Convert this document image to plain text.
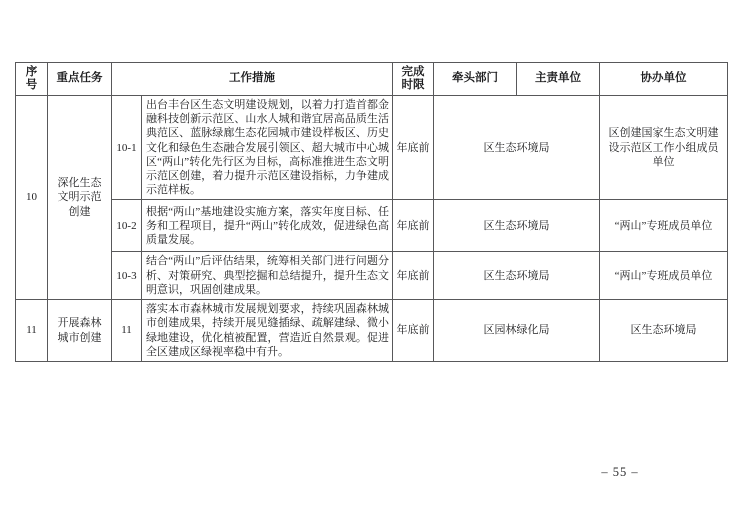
序号	重点任务	工作措施		完成时限	牵头部门	主责单位	协办单位
10	深化生态文明示范创建	10-1	出台丰台区生态文明建设规划，以着力打造首都金融科技创新示范区、山水人城和谐宜居高品质生活典范区、蓝脉绿廊生态花园城市建设样板区、历史文化和绿色生态融合发展引领区、超大城市中心城区“两山”转化先行区为目标，高标准推进生态文明示范区创建，着力提升示范区建设指标，力争建成示范样板。	年底前	区生态环境局		区创建国家生态文明建设示范区工作小组成员单位
		10-2	根据“两山”基地建设实施方案，落实年度目标、任务和工程项目，提升“两山”转化成效，促进绿色高质量发展。	年底前	区生态环境局		“两山”专班成员单位
		10-3	结合“两山”后评估结果，统筹相关部门进行问题分析、对策研究、典型挖掘和总结提升，提升生态文明意识，巩固创建成果。	年底前	区生态环境局		“两山”专班成员单位
11	开展森林城市创建	11	落实本市森林城市发展规划要求，持续巩固森林城市创建成果，持续开展见缝插绿、疏解建绿、微小绿地建设，优化植被配置，营造近自然景观。促进全区建成区绿视率稳中有升。	年底前	区园林绿化局		区生态环境局
– 55 –
